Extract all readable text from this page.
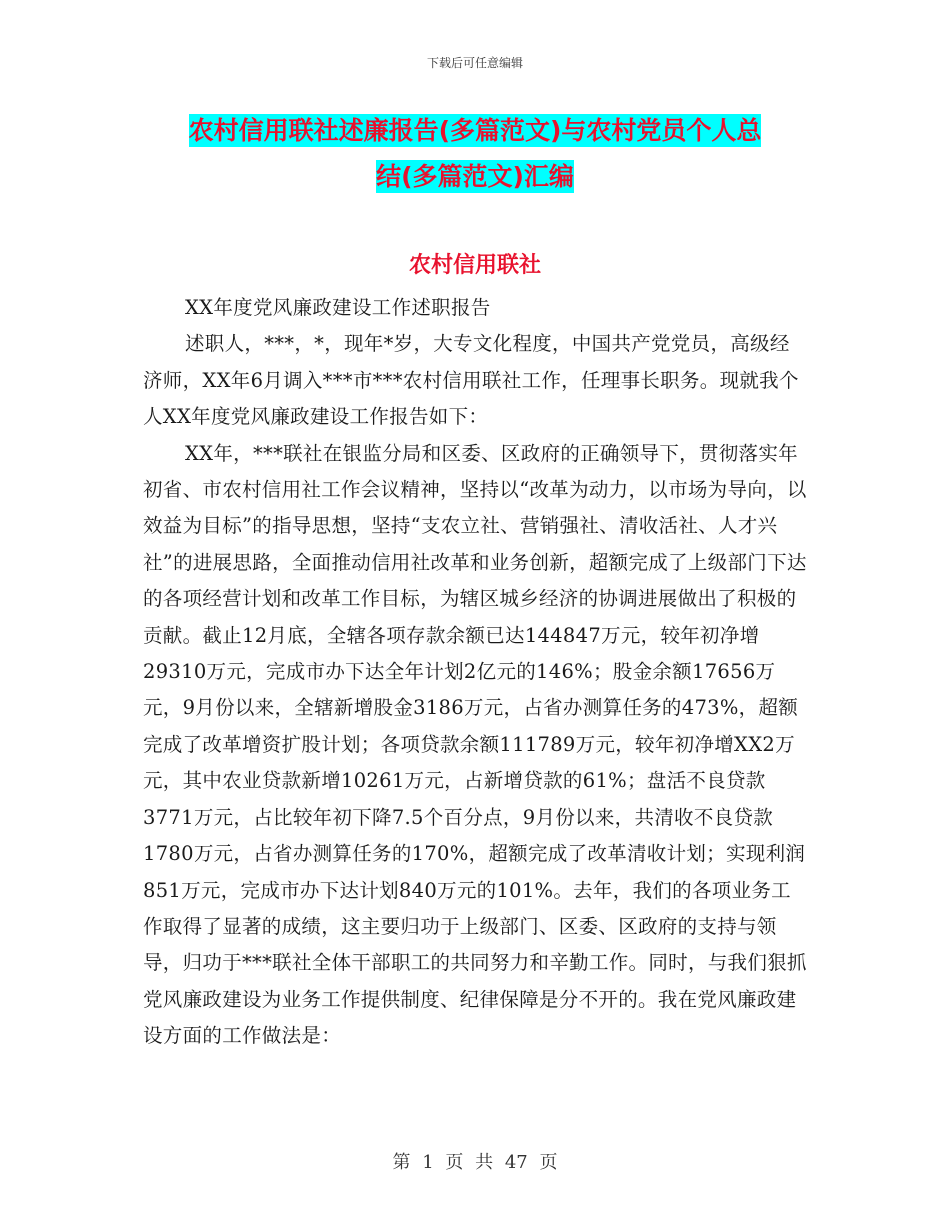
下载后可任意编辑
农村信用联社述廉报告(多篇范文)与农村党员个人总
结(多篇范文)汇编
农村信用联社

XX年度党风廉政建设工作述职报告

述职人，***，*，现年*岁，大专文化程度，中国共产党党员，高级经济师，XX年6月调入***市***农村信用联社工作，任理事长职务。现就我个人XX年度党风廉政建设工作报告如下：

XX年，***联社在银监分局和区委、区政府的正确领导下，贯彻落实年初省、市农村信用社工作会议精神，坚持以“改革为动力，以市场为导向，以效益为目标”的指导思想，坚持“支农立社、营销强社、清收活社、人才兴社”的进展思路，全面推动信用社改革和业务创新，超额完成了上级部门下达的各项经营计划和改革工作目标，为辖区城乡经济的协调进展做出了积极的贡献。截止12月底，全辖各项存款余额已达144847万元，较年初净增29310万元，完成市办下达全年计划2亿元的146%；股金余额17656万元，9月份以来，全辖新增股金3186万元，占省办测算任务的473%，超额完成了改革增资扩股计划；各项贷款余额111789万元，较年初净增XX2万元，其中农业贷款新增10261万元，占新增贷款的61%；盘活不良贷款3771万元，占比较年初下降7.5个百分点，9月份以来，共清收不良贷款1780万元，占省办测算任务的170%，超额完成了改革清收计划；实现利润851万元，完成市办下达计划840万元的101%。去年，我们的各项业务工作取得了显著的成绩，这主要归功于上级部门、区委、区政府的支持与领导，归功于***联社全体干部职工的共同努力和辛勤工作。同时，与我们狠抓党风廉政建设为业务工作提供制度、纪律保障是分不开的。我在党风廉政建设方面的工作做法是：

第 1 页 共 47 页
